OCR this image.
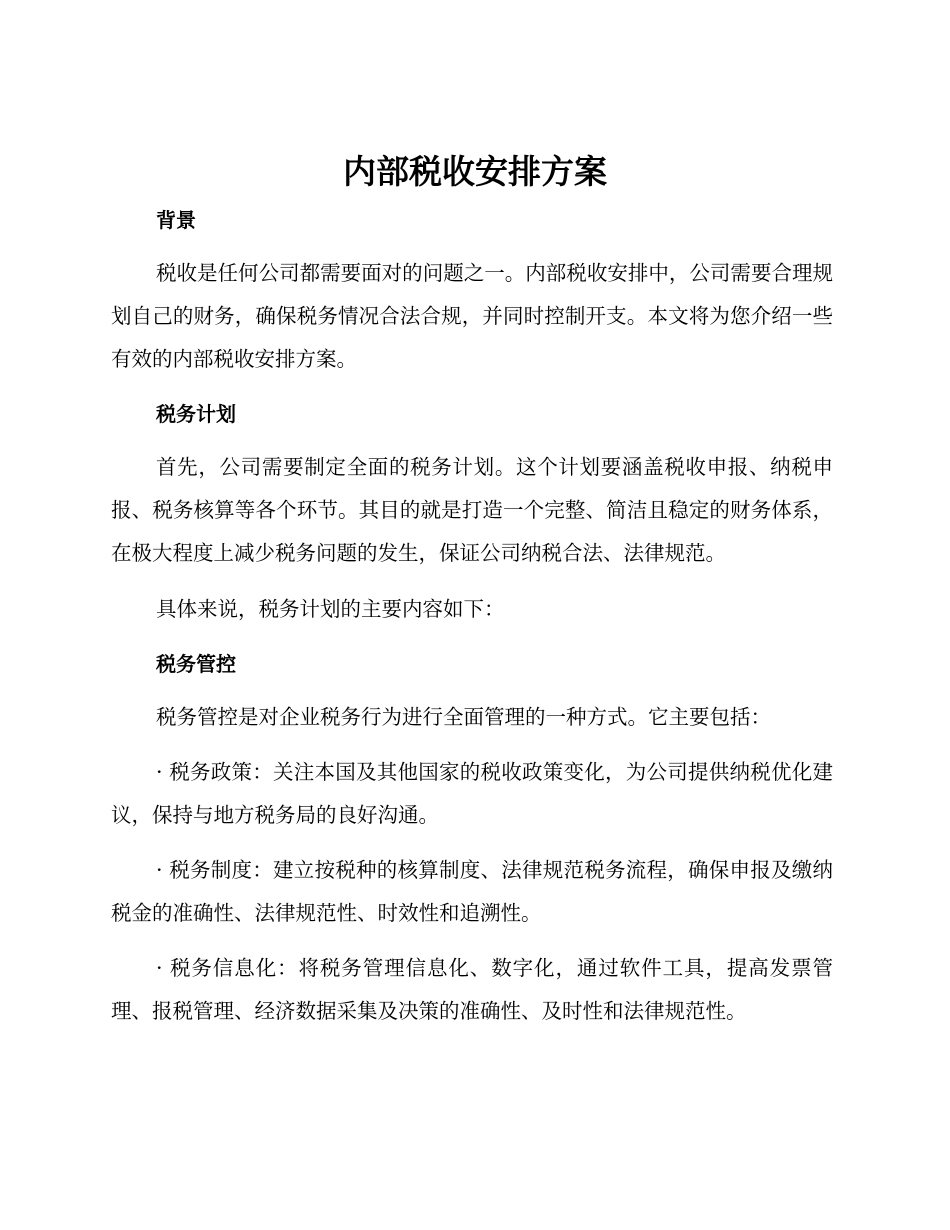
内部税收安排方案
背景

税收是任何公司都需要面对的问题之一。内部税收安排中，公司需要合理规划自己的财务，确保税务情况合法合规，并同时控制开支。本文将为您介绍一些有效的内部税收安排方案。

税务计划

首先，公司需要制定全面的税务计划。这个计划要涵盖税收申报、纳税申报、税务核算等各个环节。其目的就是打造一个完整、简洁且稳定的财务体系，在极大程度上减少税务问题的发生，保证公司纳税合法、法律规范。

具体来说，税务计划的主要内容如下：

税务管控

税务管控是对企业税务行为进行全面管理的一种方式。它主要包括：

· 税务政策：关注本国及其他国家的税收政策变化，为公司提供纳税优化建议，保持与地方税务局的良好沟通。

· 税务制度：建立按税种的核算制度、法律规范税务流程，确保申报及缴纳税金的准确性、法律规范性、时效性和追溯性。

· 税务信息化：将税务管理信息化、数字化，通过软件工具，提高发票管理、报税管理、经济数据采集及决策的准确性、及时性和法律规范性。
